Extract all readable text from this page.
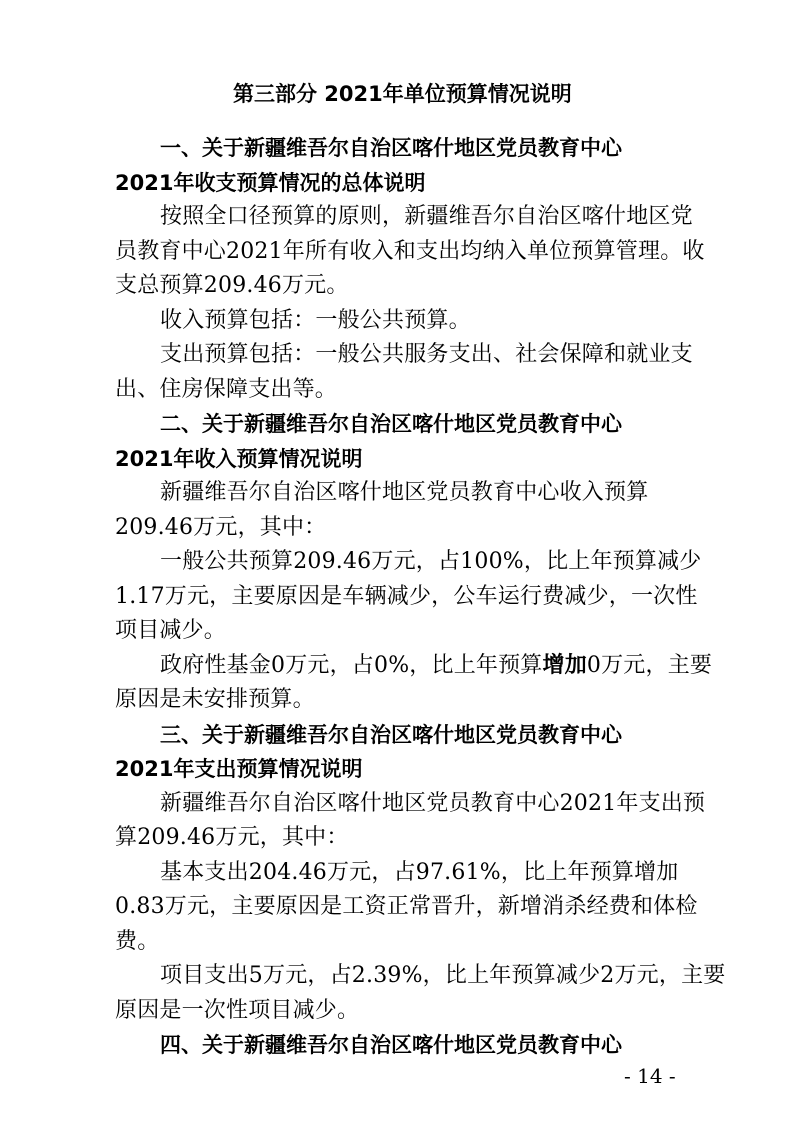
第三部分 2021年单位预算情况说明
一、关于新疆维吾尔自治区喀什地区党员教育中心
2021年收支预算情况的总体说明
按照全口径预算的原则，新疆维吾尔自治区喀什地区党
员教育中心2021年所有收入和支出均纳入单位预算管理。收
支总预算209.46万元。
收入预算包括：一般公共预算。
支出预算包括：一般公共服务支出、社会保障和就业支
出、住房保障支出等。
二、关于新疆维吾尔自治区喀什地区党员教育中心
2021年收入预算情况说明
新疆维吾尔自治区喀什地区党员教育中心收入预算
209.46万元，其中：
一般公共预算209.46万元，占100%，比上年预算减少
1.17万元，主要原因是车辆减少，公车运行费减少，一次性
项目减少。
政府性基金0万元，占0%，比上年预算增加0万元，主要
原因是未安排预算。
三、关于新疆维吾尔自治区喀什地区党员教育中心
2021年支出预算情况说明
新疆维吾尔自治区喀什地区党员教育中心2021年支出预
算209.46万元，其中：
基本支出204.46万元，占97.61%，比上年预算增加
0.83万元，主要原因是工资正常晋升，新增消杀经费和体检
费。
项目支出5万元，占2.39%，比上年预算减少2万元，主要
原因是一次性项目减少。
四、关于新疆维吾尔自治区喀什地区党员教育中心
- 14 -
